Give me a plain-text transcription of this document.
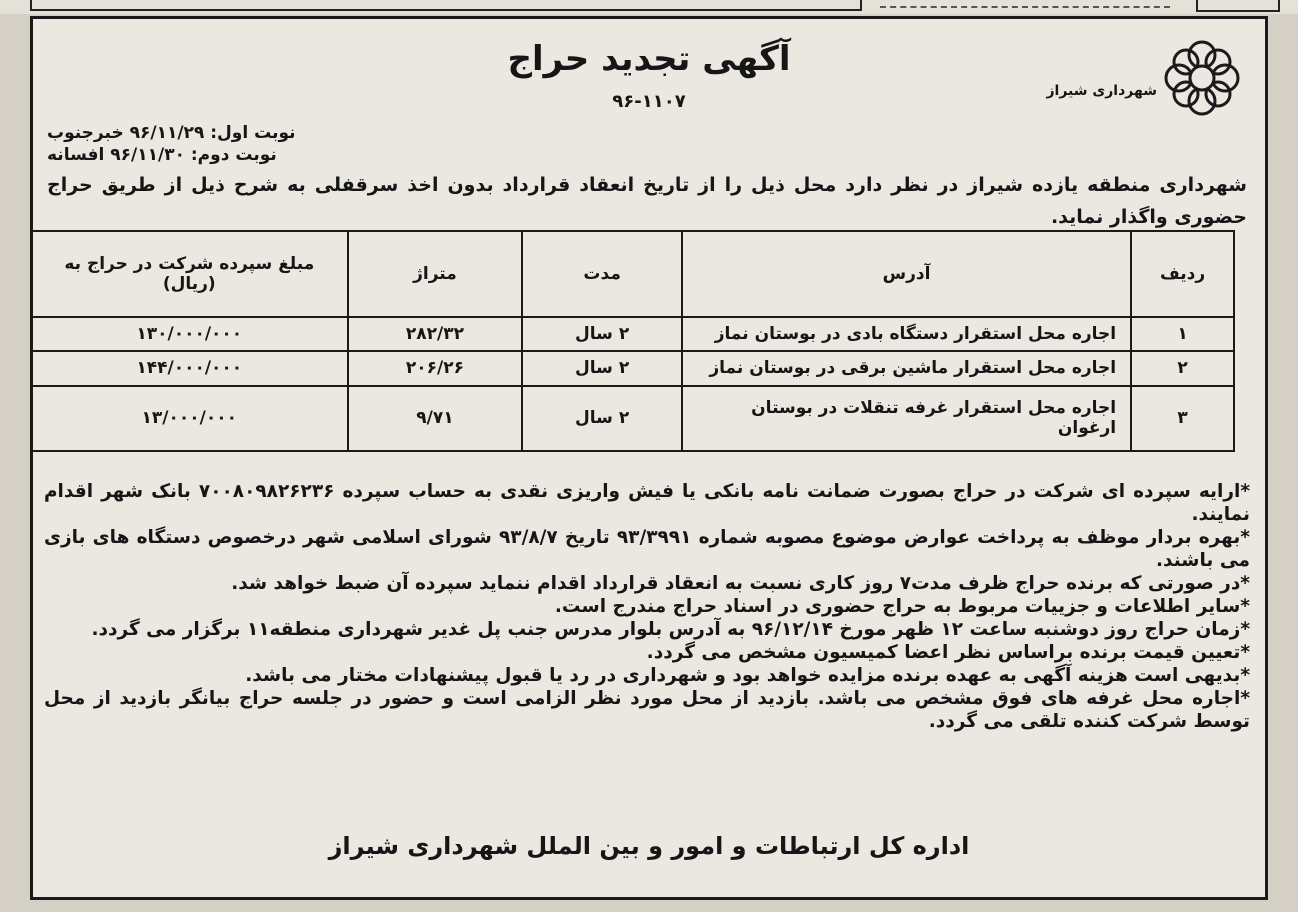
شهرداری شیراز
آگهی تجدید حراج
۹۶-۱۱۰۷
نوبت اول: ۹۶/۱۱/۲۹ خبرجنوب
نوبت دوم: ۹۶/۱۱/۳۰ افسانه
شهرداری منطقه یازده شیراز در نظر دارد محل ذیل را از تاریخ انعقاد قرارداد بدون اخذ سرقفلی به شرح ذیل از طریق حراج حضوری واگذار نماید.
ردیف	آدرس	مدت	متراژ	مبلغ سپرده شرکت در حراج به (ریال)
۱	اجاره محل استقرار دستگاه بادی در بوستان نماز	۲ سال	۲۸۲/۳۲	۱۳۰/۰۰۰/۰۰۰
۲	اجاره محل استقرار ماشین برقی در بوستان نماز	۲ سال	۲۰۶/۲۶	۱۴۴/۰۰۰/۰۰۰
۳	اجاره محل استقرار غرفه تنقلات در بوستان ارغوان	۲ سال	۹/۷۱	۱۳/۰۰۰/۰۰۰

*ارایه سپرده ای شرکت در حراج بصورت ضمانت نامه بانکی یا فیش واریزی نقدی به حساب سپرده ۷۰۰۸۰۹۸۲۶۲۳۶ بانک شهر اقدام نمایند.

*بهره بردار موظف به پرداخت عوارض موضوع مصوبه شماره ۹۳/۳۹۹۱ تاریخ ۹۳/۸/۷ شورای اسلامی شهر درخصوص دستگاه های بازی می باشند.

*در صورتی که برنده حراج ظرف مدت۷ روز کاری نسبت به انعقاد قرارداد اقدام ننماید سپرده آن ضبط خواهد شد.

*سایر اطلاعات و جزییات مربوط به حراج حضوری در اسناد حراج مندرج است.

*زمان حراج روز دوشنبه ساعت ۱۲ ظهر مورخ ۹۶/۱۲/۱۴ به آدرس بلوار مدرس جنب پل غدیر شهرداری منطقه۱۱ برگزار می گردد.

*تعیین قیمت برنده براساس نظر اعضا کمیسیون مشخص می گردد.

*بدیهی است هزینه آگهی به عهده برنده مزایده خواهد بود و شهرداری در رد یا قبول پیشنهادات مختار می باشد.

*اجاره محل غرفه های فوق مشخص می باشد. بازدید از محل مورد نظر الزامی است و حضور در جلسه حراج بیانگر بازدید از محل توسط شرکت کننده تلقی می گردد.

اداره کل ارتباطات و امور و بین الملل شهرداری شیراز
